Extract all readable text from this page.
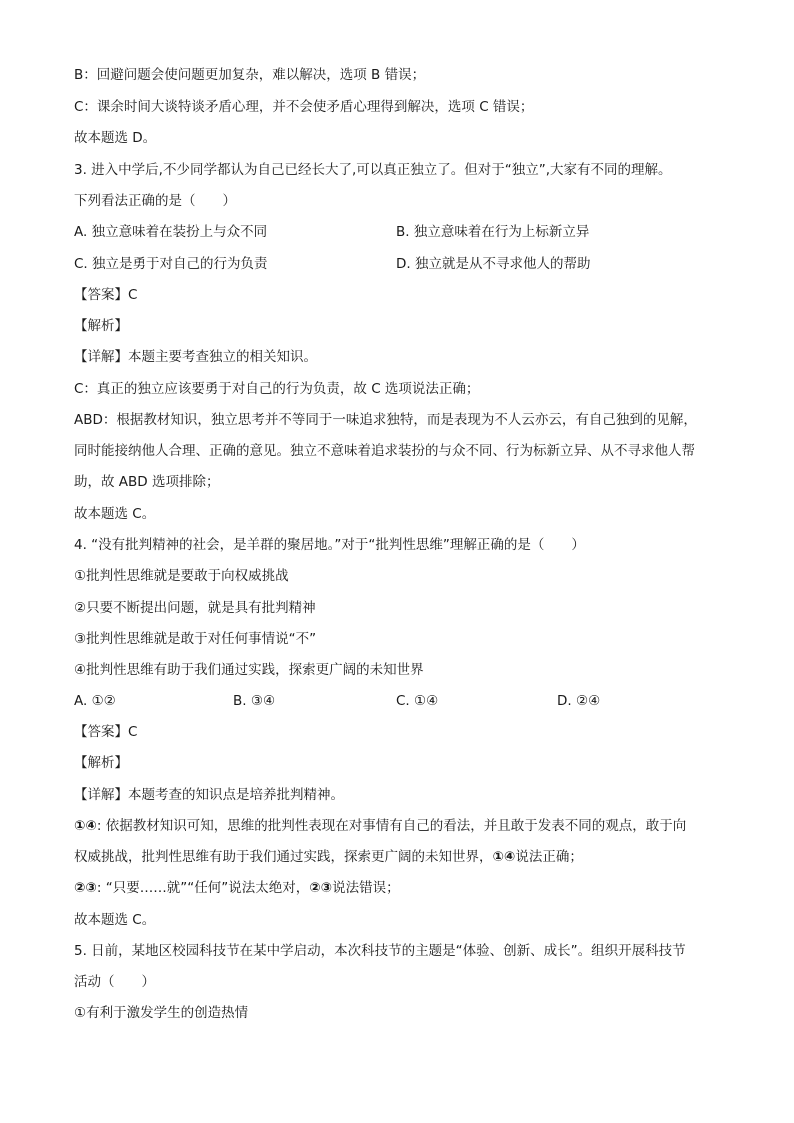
B：回避问题会使问题更加复杂，难以解决，选项 B 错误；

C：课余时间大谈特谈矛盾心理，并不会使矛盾心理得到解决，选项 C 错误；

故本题选 D。

3. 进入中学后,不少同学都认为自己已经长大了,可以真正独立了。但对于“独立”,大家有不同的理解。

下列看法正确的是（　　）

A. 独立意味着在装扮上与众不同	B. 独立意味着在行为上标新立异
C. 独立是勇于对自己的行为负责	D. 独立就是从不寻求他人的帮助

【答案】C

【解析】

【详解】本题主要考查独立的相关知识。

C：真正的独立应该要勇于对自己的行为负责，故 C 选项说法正确；

ABD：根据教材知识，独立思考并不等同于一味追求独特，而是表现为不人云亦云，有自己独到的见解，

同时能接纳他人合理、正确的意见。独立不意味着追求装扮的与众不同、行为标新立异、从不寻求他人帮

助，故 ABD 选项排除；

故本题选 C。

4. “没有批判精神的社会，是羊群的聚居地。”对于“批判性思维”理解正确的是（　　）

①批判性思维就是要敢于向权威挑战

②只要不断提出问题，就是具有批判精神

③批判性思维就是敢于对任何事情说“不”

④批判性思维有助于我们通过实践，探索更广阔的未知世界

A. ①②	B. ③④	C. ①④	D. ②④

【答案】C

【解析】

【详解】本题考查的知识点是培养批判精神。

①④: 依据教材知识可知，思维的批判性表现在对事情有自己的看法，并且敢于发表不同的观点，敢于向

权威挑战，批判性思维有助于我们通过实践，探索更广阔的未知世界，①④说法正确；

②③: “只要……就”“任何”说法太绝对，②③说法错误；

故本题选 C。

5. 日前，某地区校园科技节在某中学启动，本次科技节的主题是“体验、创新、成长”。组织开展科技节

活动（　　）

①有利于激发学生的创造热情
